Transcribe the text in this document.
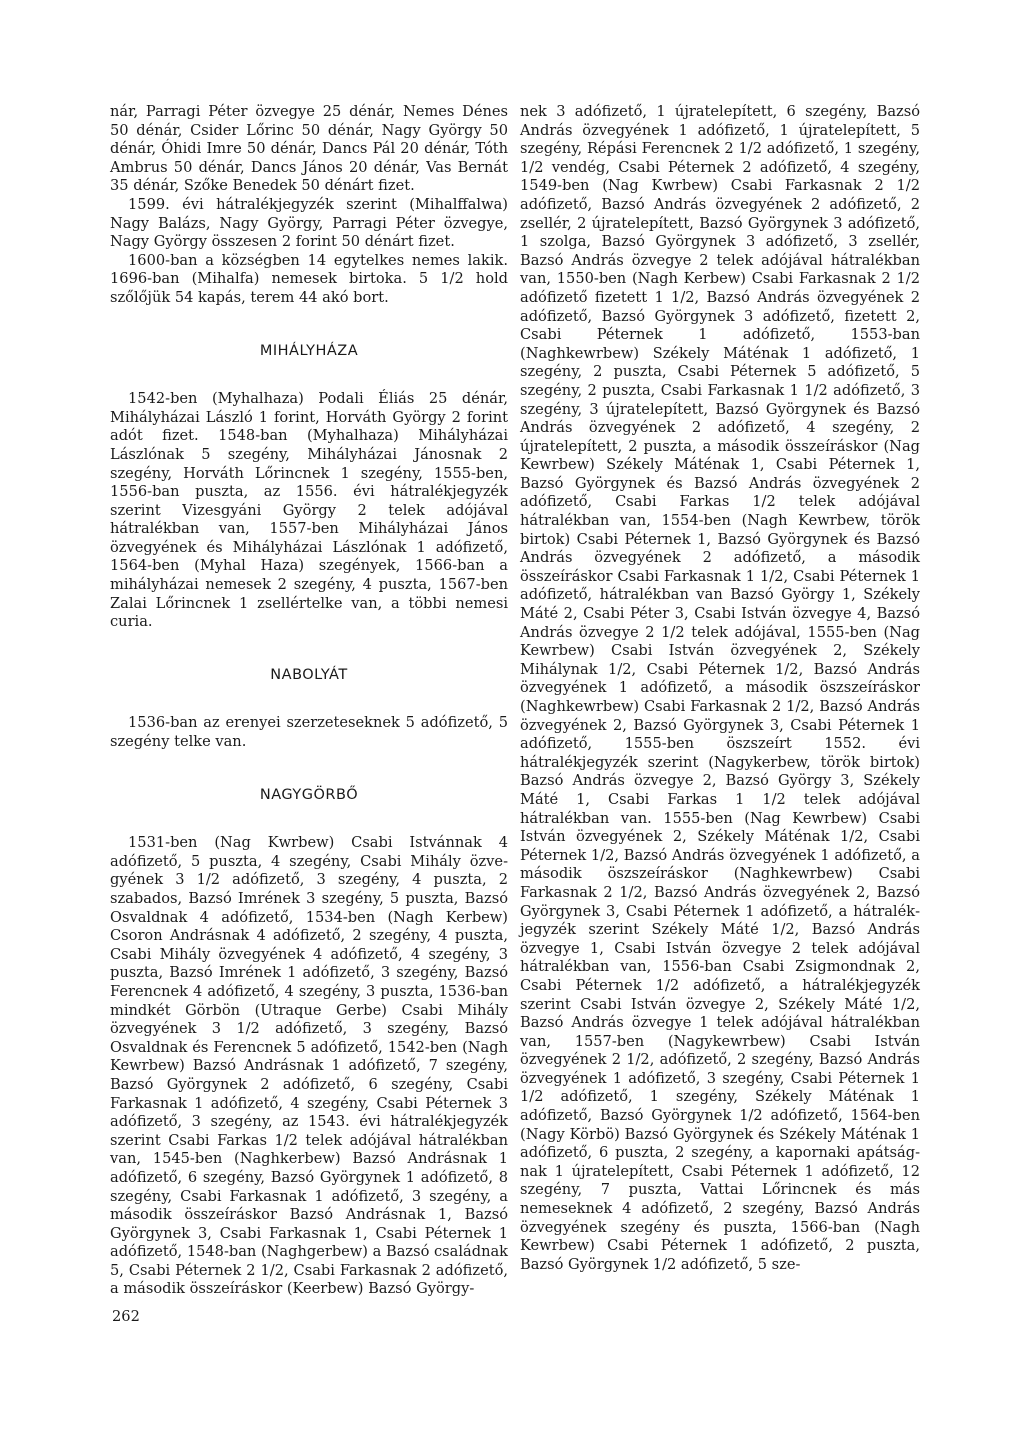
nár, Parragi Péter özvegye 25 dénár, Nemes Dénes 50 dénár, Csider Lőrinc 50 dénár, Nagy György 50 dénár, Óhidi Imre 50 dénár, Dancs Pál 20 dénár, Tóth Ambrus 50 dénár, Dancs János 20 dénár, Vas Bernát 35 dénár, Szőke Benedek 50 dénárt fizet.

1599. évi hátralékjegyzék szerint (Mihalffalwa) Nagy Balázs, Nagy György, Parragi Péter özvegye, Nagy György összesen 2 forint 50 dénárt fizet.

1600-ban a községben 14 egytelkes nemes lakik. 1696-ban (Mihalfa) nemesek birtoka. 5 1/2 hold szőlőjük 54 kapás, terem 44 akó bort.

MIHÁLYHÁZA

1542-ben (Myhalhaza) Podali Éliás 25 dénár, Mihályházai László 1 forint, Horváth György 2 forint adót fizet. 1548-ban (Myhalhaza) Mihályházai Lászlónak 5 szegény, Mihályházai Jánosnak 2 szegény, Horváth Lőrincnek 1 szegény, 1555-ben, 1556-ban puszta, az 1556. évi hátralékjegyzék szerint Vizesgyáni György 2 telek adójával hátralékban van, 1557-ben Mihályházai János özvegyének és Mihályházai Lászlónak 1 adófizető, 1564-ben (Myhal Haza) szegények, 1566-ban a mihályházai nemesek 2 szegény, 4 puszta, 1567-ben Zalai Lőrincnek 1 zsellértelke van, a többi nemesi curia.

NABOLYÁT

1536-ban az erenyei szerzeteseknek 5 adófizető, 5 szegény telke van.

NAGYGÖRBŐ

1531-ben (Nag Kwrbew) Csabi Istvánnak 4 adófizető, 5 puszta, 4 szegény, Csabi Mihály özvegyének 3 1/2 adófizető, 3 szegény, 4 puszta, 2 szabados, Bazsó Imrének 3 szegény, 5 puszta, Bazsó Osvaldnak 4 adófizető, 1534-ben (Nagh Kerbew) Csoron Andrásnak 4 adófizető, 2 szegény, 4 puszta, Csabi Mihály özvegyének 4 adófizető, 4 szegény, 3 puszta, Bazsó Imrének 1 adófizető, 3 szegény, Bazsó Ferencnek 4 adófizető, 4 szegény, 3 puszta, 1536-ban mindkét Görbön (Utraque Gerbe) Csabi Mihály özvegyének 3 1/2 adófizető, 3 szegény, Bazsó Osvaldnak és Ferencnek 5 adófizető, 1542-ben (Nagh Kewrbew) Bazsó Andrásnak 1 adófizető, 7 szegény, Bazsó Györgynek 2 adófizető, 6 szegény, Csabi Farkasnak 1 adófizető, 4 szegény, Csabi Péternek 3 adófizető, 3 szegény, az 1543. évi hátralékjegyzék szerint Csabi Farkas 1/2 telek adójával hátralékban van, 1545-ben (Naghkerbew) Bazsó Andrásnak 1 adófizető, 6 szegény, Bazsó Györgynek 1 adófizető, 8 szegény, Csabi Farkasnak 1 adófizető, 3 szegény, a második összeíráskor Bazsó Andrásnak 1, Bazsó Györgynek 3, Csabi Farkasnak 1, Csabi Péternek 1 adófizető, 1548-ban (Naghgerbew) a Bazsó családnak 5, Csabi Péternek 2 1/2, Csabi Farkasnak 2 adófizető, a második összeíráskor (Keerbew) Bazsó György-

nek 3 adófizető, 1 újratelepített, 6 szegény, Bazsó András özvegyének 1 adófizető, 1 újratelepített, 5 szegény, Répási Ferencnek 2 1/2 adófizető, 1 szegény, 1/2 vendég, Csabi Péternek 2 adófizető, 4 szegény, 1549-ben (Nag Kwrbew) Csabi Farkasnak 2 1/2 adófizető, Bazsó András özvegyének 2 adófizető, 2 zsellér, 2 újratelepített, Bazsó Györgynek 3 adófizető, 1 szolga, Bazsó Györgynek 3 adófizető, 3 zsellér, Bazsó András özvegye 2 telek adójával hátralékban van, 1550-ben (Nagh Kerbew) Csabi Farkasnak 2 1/2 adófizető fizetett 1 1/2, Bazsó András özvegyének 2 adófizető, Bazsó Györgynek 3 adófizető, fizetett 2, Csabi Péternek 1 adófizető, 1553-ban (Naghkewrbew) Székely Máténak 1 adófizető, 1 szegény, 2 puszta, Csabi Péternek 5 adófizető, 5 szegény, 2 puszta, Csabi Farkasnak 1 1/2 adófizető, 3 szegény, 3 újratelepített, Bazsó Györgynek és Bazsó András özvegyének 2 adófizető, 4 szegény, 2 újratelepített, 2 puszta, a második összeíráskor (Nag Kewrbew) Székely Máténak 1, Csabi Péternek 1, Bazsó Györgynek és Bazsó András özvegyének 2 adófizető, Csabi Farkas 1/2 telek adójával hátralékban van, 1554-ben (Nagh Kewrbew, török birtok) Csabi Péternek 1, Bazsó Györgynek és Bazsó András özvegyének 2 adófizető, a második összeíráskor Csabi Farkasnak 1 1/2, Csabi Péternek 1 adófizető, hátralékban van Bazsó György 1, Székely Máté 2, Csabi Péter 3, Csabi István özvegye 4, Bazsó András özvegye 2 1/2 telek adójával, 1555-ben (Nag Kewrbew) Csabi István özvegyének 2, Székely Mihálynak 1/2, Csabi Péternek 1/2, Bazsó András özvegyének 1 adófizető, a második öszszeíráskor (Naghkewrbew) Csabi Farkasnak 2 1/2, Bazsó András özvegyének 2, Bazsó Györgynek 3, Csabi Péternek 1 adófizető, 1555-ben öszszeírt 1552. évi hátralékjegyzék szerint (Nagykerbew, török birtok) Bazsó András özvegye 2, Bazsó György 3, Székely Máté 1, Csabi Farkas 1 1/2 telek adójával hátralékban van. 1555-ben (Nag Kewrbew) Csabi István özvegyének 2, Székely Máténak 1/2, Csabi Péternek 1/2, Bazsó András özvegyének 1 adófizető, a második öszszeíráskor (Naghkewrbew) Csabi Farkasnak 2 1/2, Bazsó András özvegyének 2, Bazsó Györgynek 3, Csabi Péternek 1 adófizető, a hátralékjegyzék szerint Székely Máté 1/2, Bazsó András özvegye 1, Csabi István özvegye 2 telek adójával hátralékban van, 1556-ban Csabi Zsigmondnak 2, Csabi Péternek 1/2 adófizető, a hátralékjegyzék szerint Csabi István özvegye 2, Székely Máté 1/2, Bazsó András özvegye 1 telek adójával hátralékban van, 1557-ben (Nagykewrbew) Csabi István özvegyének 2 1/2, adófizető, 2 szegény, Bazsó András özvegyének 1 adófizető, 3 szegény, Csabi Péternek 1 1/2 adófizető, 1 szegény, Székely Máténak 1 adófizető, Bazsó Györgynek 1/2 adófizető, 1564-ben (Nagy Körbö) Bazsó Györgynek és Székely Máténak 1 adófizető, 6 puszta, 2 szegény, a kapornaki apátságnak 1 újratelepített, Csabi Péternek 1 adófizető, 12 szegény, 7 puszta, Vattai Lőrincnek és más nemeseknek 4 adófizető, 2 szegény, Bazsó András özvegyének szegény és puszta, 1566-ban (Nagh Kewrbew) Csabi Péternek 1 adófizető, 2 puszta, Bazsó Györgynek 1/2 adófizető, 5 sze-

262
